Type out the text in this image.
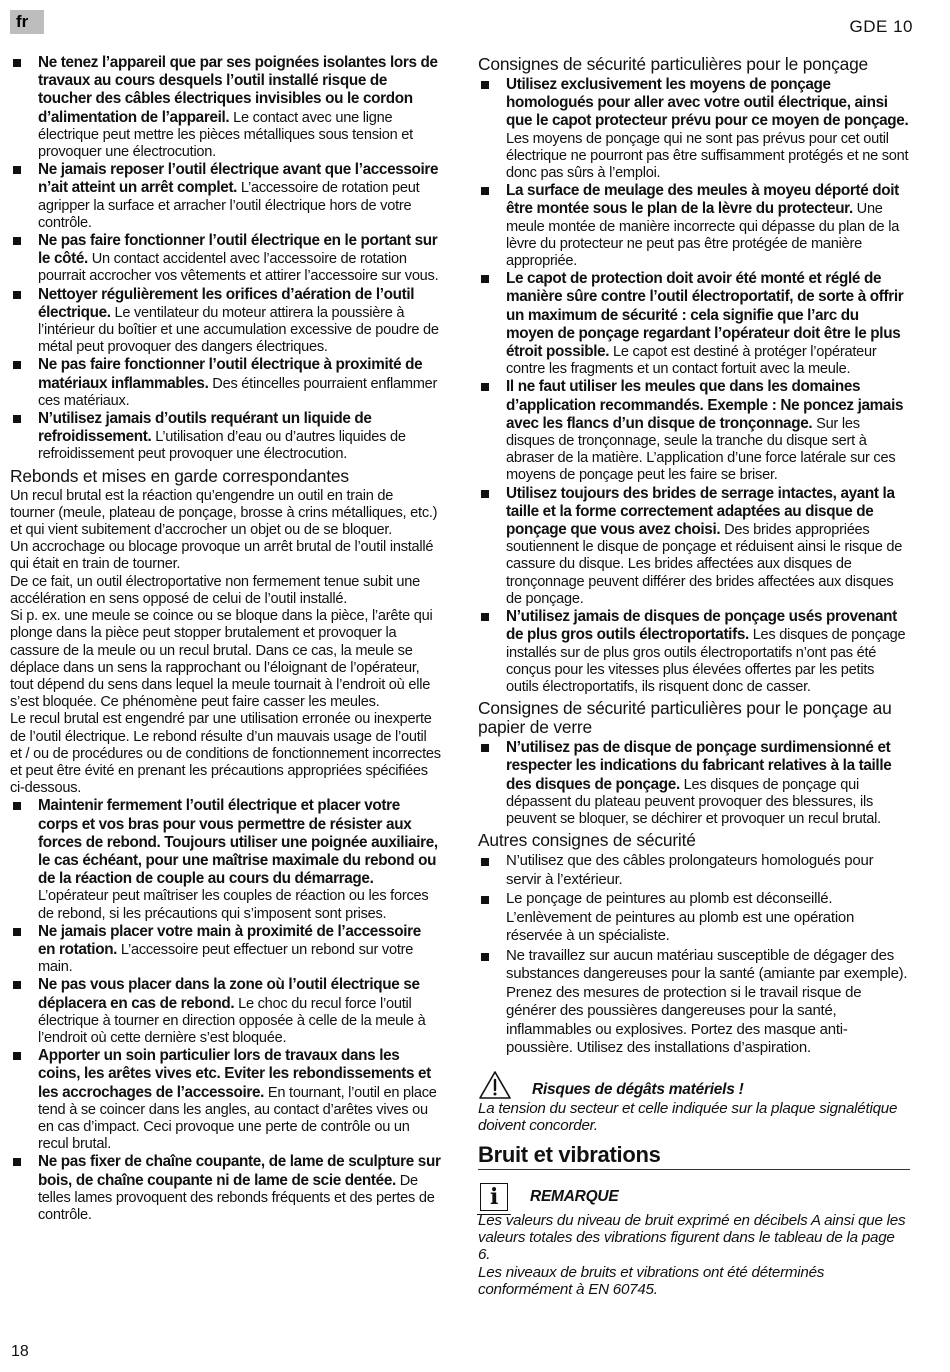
fr	GDE 10
Ne tenez l’appareil que par ses poignées isolantes lors de travaux au cours desquels l’outil installé risque de toucher des câbles électriques invisibles ou le cordon d’alimentation de l’appareil. Le contact avec une ligne électrique peut mettre les pièces métalliques sous tension et provoquer une électrocution.
Ne jamais reposer l’outil électrique avant que l’accessoire n’ait atteint un arrêt complet. L’accessoire de rotation peut agripper la surface et arracher l’outil électrique hors de votre contrôle.
Ne pas faire fonctionner l’outil électrique en le portant sur le côté. Un contact accidentel avec l’accessoire de rotation pourrait accrocher vos vêtements et attirer l’accessoire sur vous.
Nettoyer régulièrement les orifices d’aération de l’outil électrique. Le ventilateur du moteur attirera la poussière à l’intérieur du boîtier et une accumulation excessive de poudre de métal peut provoquer des dangers électriques.
Ne pas faire fonctionner l’outil électrique à proximité de matériaux inflammables. Des étincelles pourraient enflammer ces matériaux.
N’utilisez jamais d’outils requérant un liquide de refroidissement. L’utilisation d’eau ou d’autres liquides de refroidissement peut provoquer une électrocution.
Rebonds et mises en garde correspondantes

Un recul brutal est la réaction qu’engendre un outil en train de tourner (meule, plateau de ponçage, brosse à crins métalliques, etc.) et qui vient subitement d’accrocher un objet ou de se bloquer.

Un accrochage ou blocage provoque un arrêt brutal de l’outil installé qui était en train de tourner.

De ce fait, un outil électroportative non fermement tenue subit une accélération en sens opposé de celui de l’outil installé.

Si p. ex. une meule se coince ou se bloque dans la pièce, l’arête qui plonge dans la pièce peut stopper brutalement et provoquer la cassure de la meule ou un recul brutal. Dans ce cas, la meule se déplace dans un sens la rapprochant ou l’éloignant de l’opérateur, tout dépend du sens dans lequel la meule tournait à l’endroit où elle s’est bloquée. Ce phénomène peut faire casser les meules.

Le recul brutal est engendré par une utilisation erronée ou inexperte de l’outil électrique. Le rebond résulte d’un mauvais usage de l’outil et / ou de procédures ou de conditions de fonctionnement incorrectes et peut être évité en prenant les précautions appropriées spécifiées ci-dessous.

Maintenir fermement l’outil électrique et placer votre corps et vos bras pour vous permettre de résister aux forces de rebond. Toujours utiliser une poignée auxiliaire, le cas échéant, pour une maîtrise maximale du rebond ou de la réaction de couple au cours du démarrage. L’opérateur peut maîtriser les couples de réaction ou les forces de rebond, si les précautions qui s’imposent sont prises.
Ne jamais placer votre main à proximité de l’accessoire en rotation. L’accessoire peut effectuer un rebond sur votre main.
Ne pas vous placer dans la zone où l’outil électrique se déplacera en cas de rebond. Le choc du recul force l’outil électrique à tourner en direction opposée à celle de la meule à l’endroit où cette dernière s’est bloquée.
Apporter un soin particulier lors de travaux dans les coins, les arêtes vives etc. Eviter les rebondissements et les accrochages de l’accessoire. En tournant, l’outil en place tend à se coincer dans les angles, au contact d’arêtes vives ou en cas d’impact. Ceci provoque une perte de contrôle ou un recul brutal.
Ne pas fixer de chaîne coupante, de lame de sculpture sur bois, de chaîne coupante ni de lame de scie dentée. De telles lames provoquent des rebonds fréquents et des pertes de contrôle.
Consignes de sécurité particulières pour le ponçage
Utilisez exclusivement les moyens de ponçage homologués pour aller avec votre outil électrique, ainsi que le capot protecteur prévu pour ce moyen de ponçage. Les moyens de ponçage qui ne sont pas prévus pour cet outil électrique ne pourront pas être suffisamment protégés et ne sont donc pas sûrs à l’emploi.
La surface de meulage des meules à moyeu déporté doit être montée sous le plan de la lèvre du protecteur. Une meule montée de manière incorrecte qui dépasse du plan de la lèvre du protecteur ne peut pas être protégée de manière appropriée.
Le capot de protection doit avoir été monté et réglé de manière sûre contre l’outil électroportatif, de sorte à offrir un maximum de sécurité : cela signifie que l’arc du moyen de ponçage regardant l’opérateur doit être le plus étroit possible. Le capot est destiné à protéger l’opérateur contre les fragments et un contact fortuit avec la meule.
Il ne faut utiliser les meules que dans les domaines d’application recommandés. Exemple : Ne poncez jamais avec les flancs d’un disque de tronçonnage. Sur les disques de tronçonnage, seule la tranche du disque sert à abraser de la matière. L’application d’une force latérale sur ces moyens de ponçage peut les faire se briser.
Utilisez toujours des brides de serrage intactes, ayant la taille et la forme correctement adaptées au disque de ponçage que vous avez choisi. Des brides appropriées soutiennent le disque de ponçage et réduisent ainsi le risque de cassure du disque. Les brides affectées aux disques de tronçonnage peuvent différer des brides affectées aux disques de ponçage.
N’utilisez jamais de disques de ponçage usés provenant de plus gros outils électroportatifs. Les disques de ponçage installés sur de plus gros outils électroportatifs n’ont pas été conçus pour les vitesses plus élevées offertes par les petits outils électroportatifs, ils risquent donc de casser.
Consignes de sécurité particulières pour le ponçage au papier de verre
N’utilisez pas de disque de ponçage surdimensionné et respecter les indications du fabricant relatives à la taille des disques de ponçage. Les disques de ponçage qui dépassent du plateau peuvent provoquer des blessures, ils peuvent se bloquer, se déchirer et provoquer un recul brutal.
Autres consignes de sécurité
N’utilisez que des câbles prolongateurs homologués pour servir à l’extérieur.
Le ponçage de peintures au plomb est déconseillé. L’enlèvement de peintures au plomb est une opération réservée à un spécialiste.
Ne travaillez sur aucun matériau susceptible de dégager des substances dangereuses pour la santé (amiante par exemple). Prenez des mesures de protection si le travail risque de générer des poussières dangereuses pour la santé, inflammables ou explosives. Portez des masque anti-poussière. Utilisez des installations d’aspiration.
Risques de dégâts matériels !

La tension du secteur et celle indiquée sur la plaque signalétique doivent concorder.

Bruit et vibrations
i	REMARQUE

Les valeurs du niveau de bruit exprimé en décibels A ainsi que les valeurs totales des vibrations figurent dans le tableau de la page 6.

Les niveaux de bruits et vibrations ont été déterminés conformément à EN 60745.

18
